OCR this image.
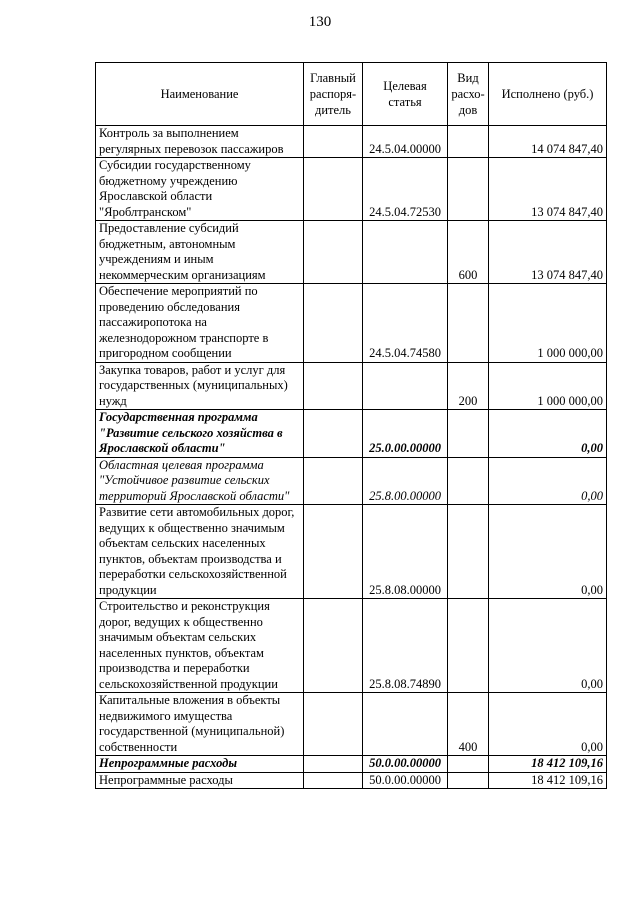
130
Наименование	Главный распоря-дитель	Целевая статья	Вид расхо-дов	Исполнено (руб.)
Контроль за выполнением регулярных перевозок пассажиров		24.5.04.00000		14 074 847,40
Субсидии государственному бюджетному учреждению Ярославской области "Яроблтранском"		24.5.04.72530		13 074 847,40
Предоставление субсидий бюджетным, автономным учреждениям и иным некоммерческим организациям			600	13 074 847,40
Обеспечение мероприятий по проведению обследования пассажиропотока на железнодорожном транспорте в пригородном сообщении		24.5.04.74580		1 000 000,00
Закупка товаров, работ и услуг для государственных (муниципальных) нужд			200	1 000 000,00
Государственная программа "Развитие сельского хозяйства в Ярославской области"		25.0.00.00000		0,00
Областная целевая программа "Устойчивое развитие сельских территорий Ярославской области"		25.8.00.00000		0,00
Развитие сети автомобильных дорог, ведущих к общественно значимым объектам сельских населенных пунктов, объектам производства и переработки сельскохозяйственной продукции		25.8.08.00000		0,00
Строительство и реконструкция дорог, ведущих к общественно значимым объектам сельских населенных пунктов, объектам производства и переработки сельскохозяйственной продукции		25.8.08.74890		0,00
Капитальные вложения в объекты недвижимого имущества государственной (муниципальной) собственности			400	0,00
Непрограммные расходы		50.0.00.00000		18 412 109,16
Непрограммные расходы		50.0.00.00000		18 412 109,16
